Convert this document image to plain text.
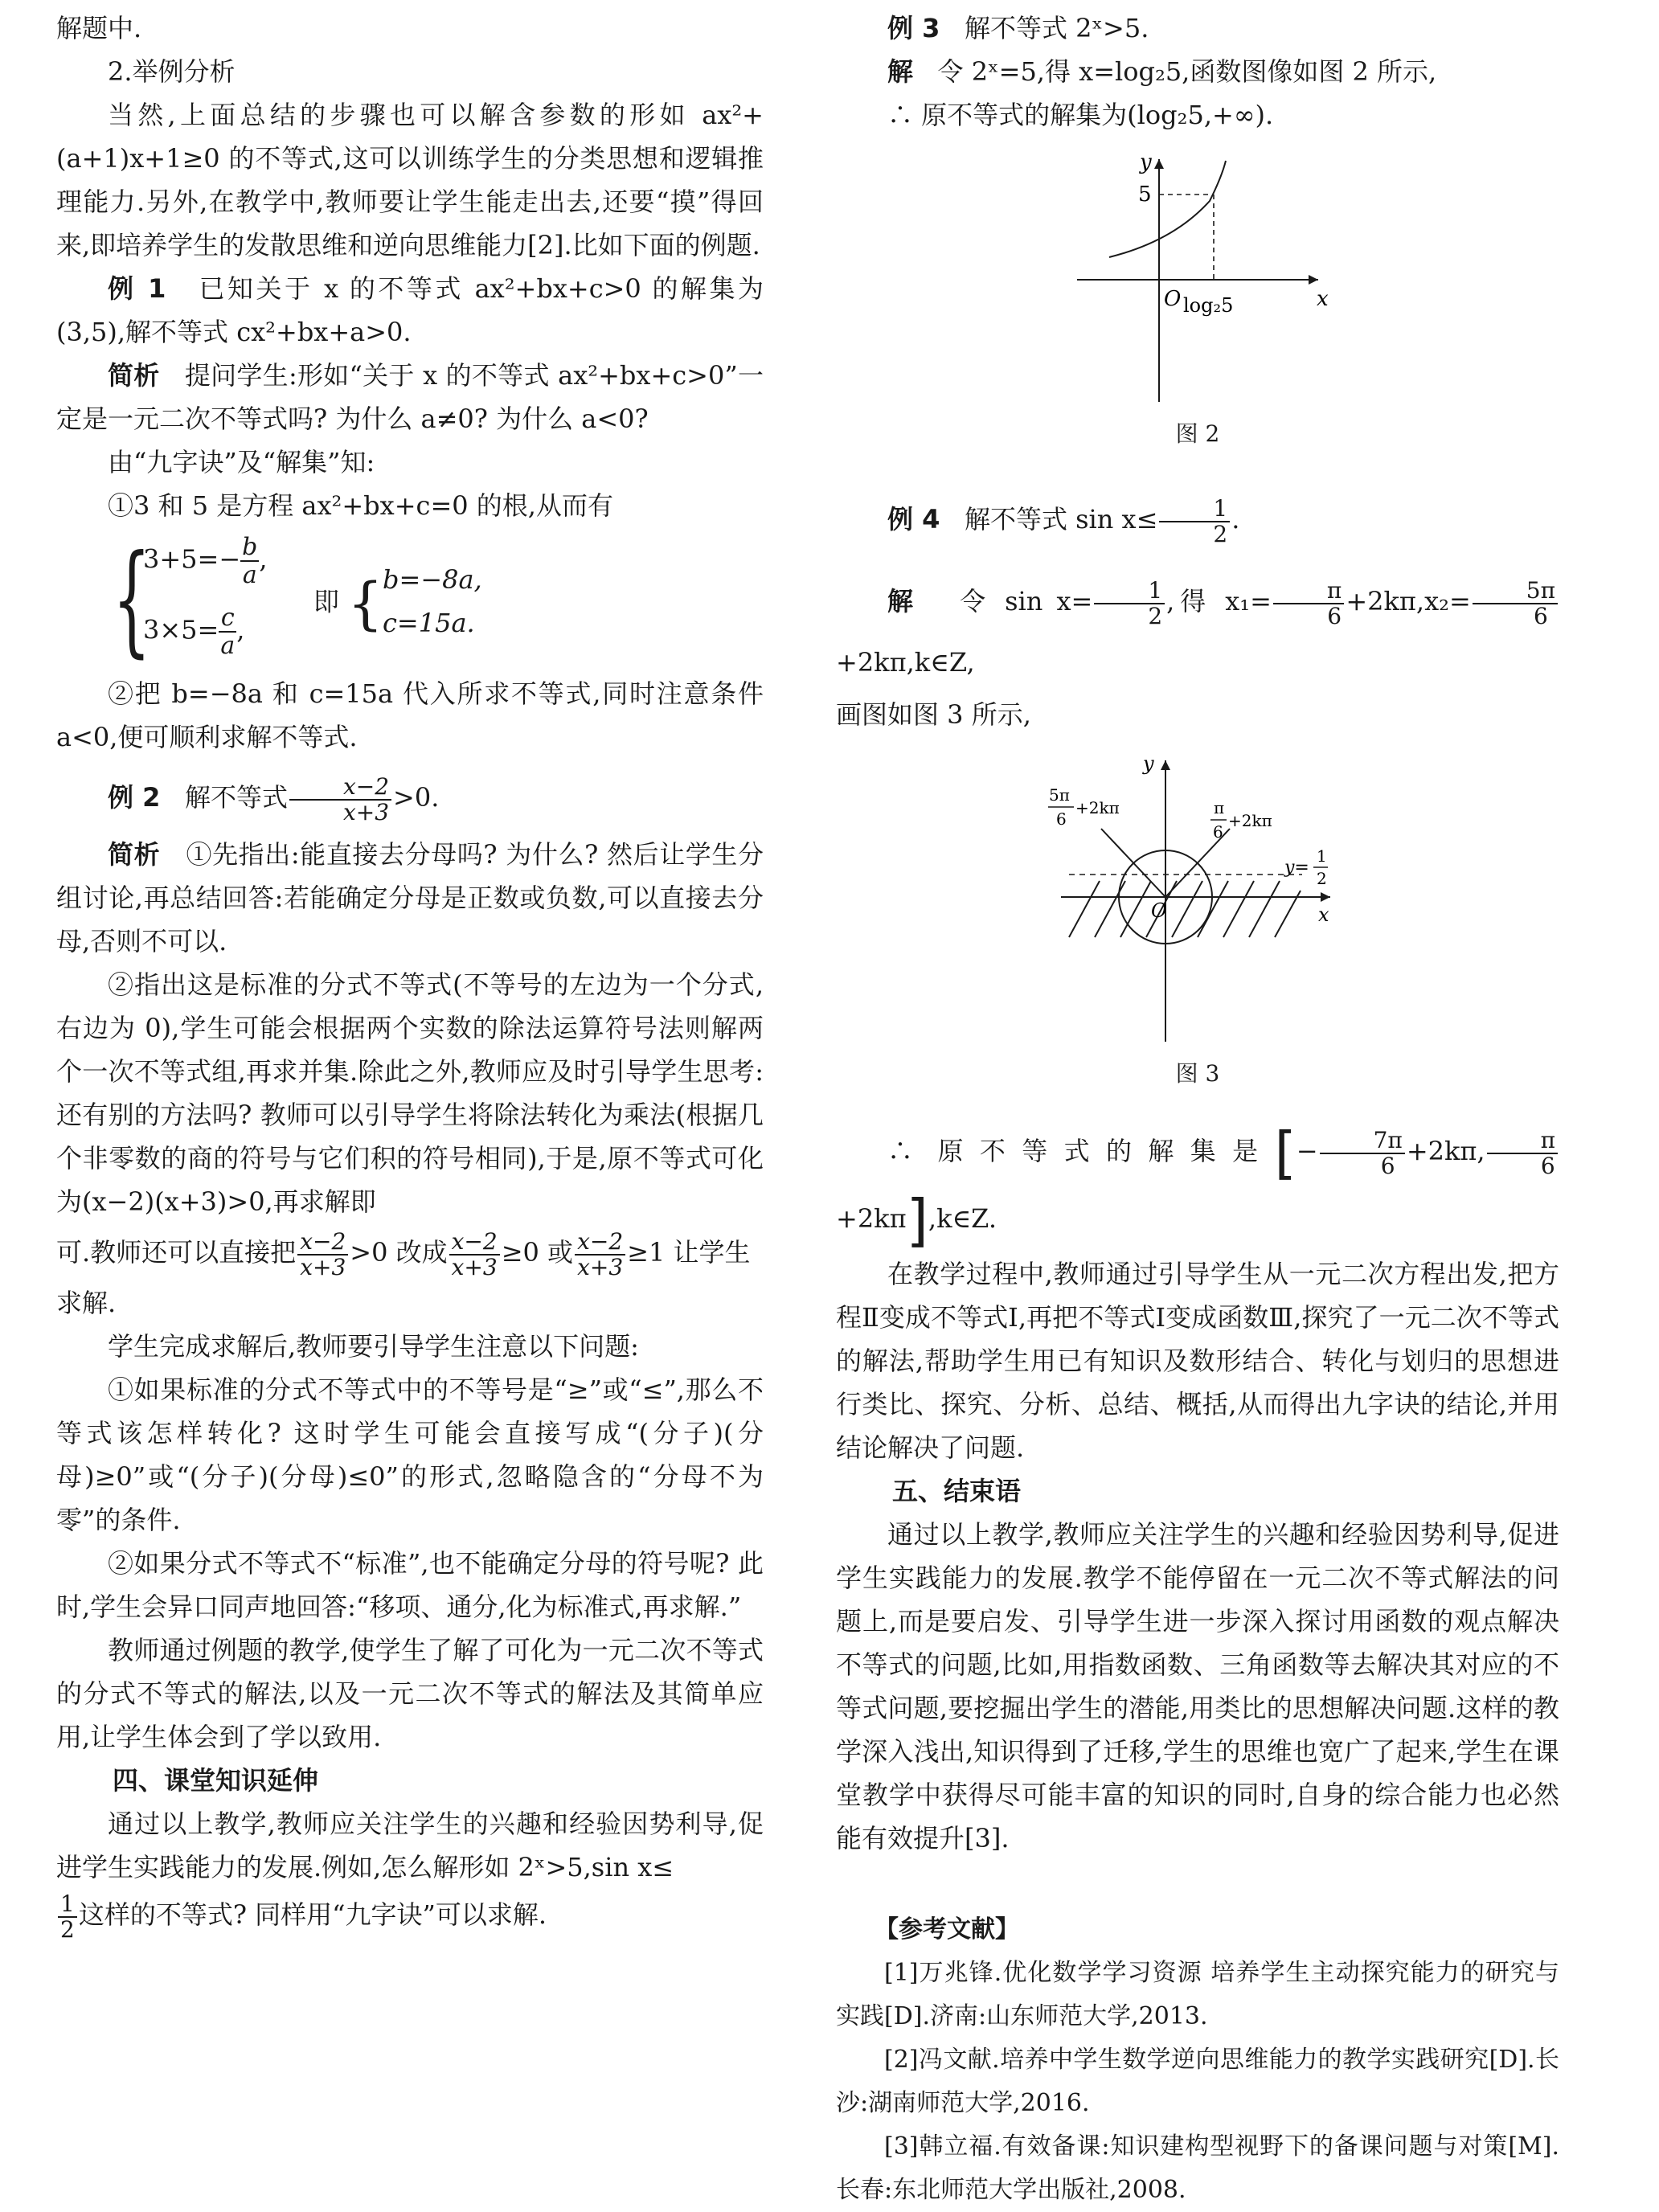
解题中.

2.举例分析

当然,上面总结的步骤也可以解含参数的形如 ax²+(a+1)x+1≥0 的不等式,这可以训练学生的分类思想和逻辑推理能力.另外,在教学中,教师要让学生能走出去,还要“摸”得回来,即培养学生的发散思维和逆向思维能力[2].比如下面的例题.

例 1 已知关于 x 的不等式 ax²+bx+c>0 的解集为(3,5),解不等式 cx²+bx+a>0.

简析 提问学生:形如“关于 x 的不等式 ax²+bx+c>0”一定是一元二次不等式吗? 为什么 a≠0? 为什么 a<0?

由“九字诀”及“解集”知:

①3 和 5 是方程 ax²+bx+c=0 的根,从而有

{
$3+5=- \frac{b}{a}$ ,
$3\times 5= \frac{c}{a}$ ,
即 { b=−8a,
c=15a.

②把 b=−8a 和 c=15a 代入所求不等式,同时注意条件 a<0,便可顺利求解不等式.

例 2 解不等式 $\frac{x-2}{x+3} >0$.

简析 ①先指出:能直接去分母吗? 为什么? 然后让学生分组讨论,再总结回答:若能确定分母是正数或负数,可以直接去分母,否则不可以.

②指出这是标准的分式不等式(不等号的左边为一个分式,右边为 0),学生可能会根据两个实数的除法运算符号法则解两个一次不等式组,再求并集.除此之外,教师应及时引导学生思考:还有别的方法吗? 教师可以引导学生将除法转化为乘法(根据几个非零数的商的符号与它们积的符号相同),于是,原不等式可化为(x−2)(x+3)>0,再求解即

可.教师还可以直接把 $\frac{x-2}{x+3} >0$ 改成 $\frac{x-2}{x+3} \ge 0$ 或 $\frac{x-2}{x+3} \ge 1$ 让学生

求解.

学生完成求解后,教师要引导学生注意以下问题:

①如果标准的分式不等式中的不等号是“≥”或“≤”,那么不等式该怎样转化? 这时学生可能会直接写成“(分子)(分母)≥0”或“(分子)(分母)≤0”的形式,忽略隐含的“分母不为零”的条件.

②如果分式不等式不“标准”,也不能确定分母的符号呢? 此时,学生会异口同声地回答:“移项、通分,化为标准式,再求解.”

教师通过例题的教学,使学生了解了可化为一元二次不等式的分式不等式的解法,以及一元二次不等式的解法及其简单应用,让学生体会到了学以致用.

四、课堂知识延伸

通过以上教学,教师应关注学生的兴趣和经验因势利导,促进学生实践能力的发展.例如,怎么解形如 2ˣ>5,sin x≤

$\frac{1}{2}$ 这样的不等式? 同样用“九字诀”可以求解.

例 3 解不等式 2ˣ>5.

解 令 2ˣ=5,得 x=log₂5,函数图像如图 2 所示,

∴ 原不等式的解集为(log₂5,+∞).

y
5
O log₂5	x
图 2

例 4 解不等式 $\sin x\le \frac{1}{2}$ .

解 令 $\sin x= \frac{1}{2}$ ,得 $x_1= \frac{\pi}{6} +2k\pi,x_2= \frac{5\pi}{6}$
+2kπ,k∈Z,

画图如图 3 所示,

y
x
O
5π
6
+2kπ	π
6
+2kπ
y=
1
2
图 3

∴ 原不等式的解集是[− $\frac{7\pi}{6} +2k\pi$, $\frac{\pi}{6}$
+2kπ],k∈Z.

在教学过程中,教师通过引导学生从一元二次方程出发,把方程Ⅱ变成不等式Ⅰ,再把不等式Ⅰ变成函数Ⅲ,探究了一元二次不等式的解法,帮助学生用已有知识及数形结合、转化与划归的思想进行类比、探究、分析、总结、概括,从而得出九字诀的结论,并用结论解决了问题.

五、结束语

通过以上教学,教师应关注学生的兴趣和经验因势利导,促进学生实践能力的发展.教学不能停留在一元二次不等式解法的问题上,而是要启发、引导学生进一步深入探讨用函数的观点解决不等式的问题,比如,用指数函数、三角函数等去解决其对应的不等式问题,要挖掘出学生的潜能,用类比的思想解决问题.这样的教学深入浅出,知识得到了迁移,学生的思维也宽广了起来,学生在课堂教学中获得尽可能丰富的知识的同时,自身的综合能力也必然能有效提升[3].

【参考文献】

[1]万兆锋.优化数学学习资源 培养学生主动探究能力的研究与实践[D].济南:山东师范大学,2013.

[2]冯文献.培养中学生数学逆向思维能力的教学实践研究[D].长沙:湖南师范大学,2016.

[3]韩立福.有效备课:知识建构型视野下的备课问题与对策[M].长春:东北师范大学出版社,2008.
